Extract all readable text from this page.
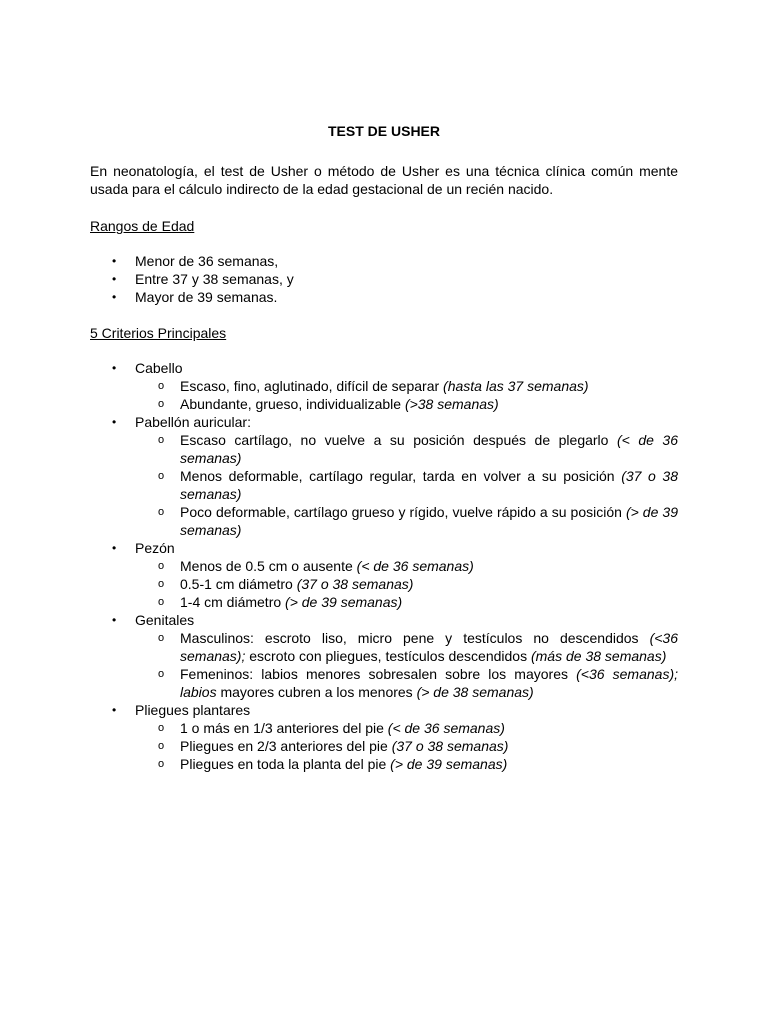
TEST DE USHER
En neonatología, el test de Usher o método de Usher es una técnica clínica común mente usada para el cálculo indirecto de la edad gestacional de un recién nacido.
Rangos de Edad
• Menor de 36 semanas,
• Entre 37 y 38 semanas, y
• Mayor de 39 semanas.
5 Criterios Principales
• Cabello
o Escaso, fino, aglutinado, difícil de separar (hasta las 37 semanas)
o Abundante, grueso, individualizable (>38 semanas)
• Pabellón auricular:
o Escaso cartílago, no vuelve a su posición después de plegarlo (< de 36 semanas)
o Menos deformable, cartílago regular, tarda en volver a su posición (37 o 38 semanas)
o Poco deformable, cartílago grueso y rígido, vuelve rápido a su posición (> de 39 semanas)
• Pezón
o Menos de 0.5 cm o ausente (< de 36 semanas)
o 0.5-1 cm diámetro (37 o 38 semanas)
o 1-4 cm diámetro (> de 39 semanas)
• Genitales
o Masculinos: escroto liso, micro pene y testículos no descendidos (<36 semanas); escroto con pliegues, testículos descendidos (más de 38 semanas)
o Femeninos: labios menores sobresalen sobre los mayores (<36 semanas); labios mayores cubren a los menores (> de 38 semanas)
• Pliegues plantares
o 1 o más en 1/3 anteriores del pie (< de 36 semanas)
o Pliegues en 2/3 anteriores del pie (37 o 38 semanas)
o Pliegues en toda la planta del pie (> de 39 semanas)
